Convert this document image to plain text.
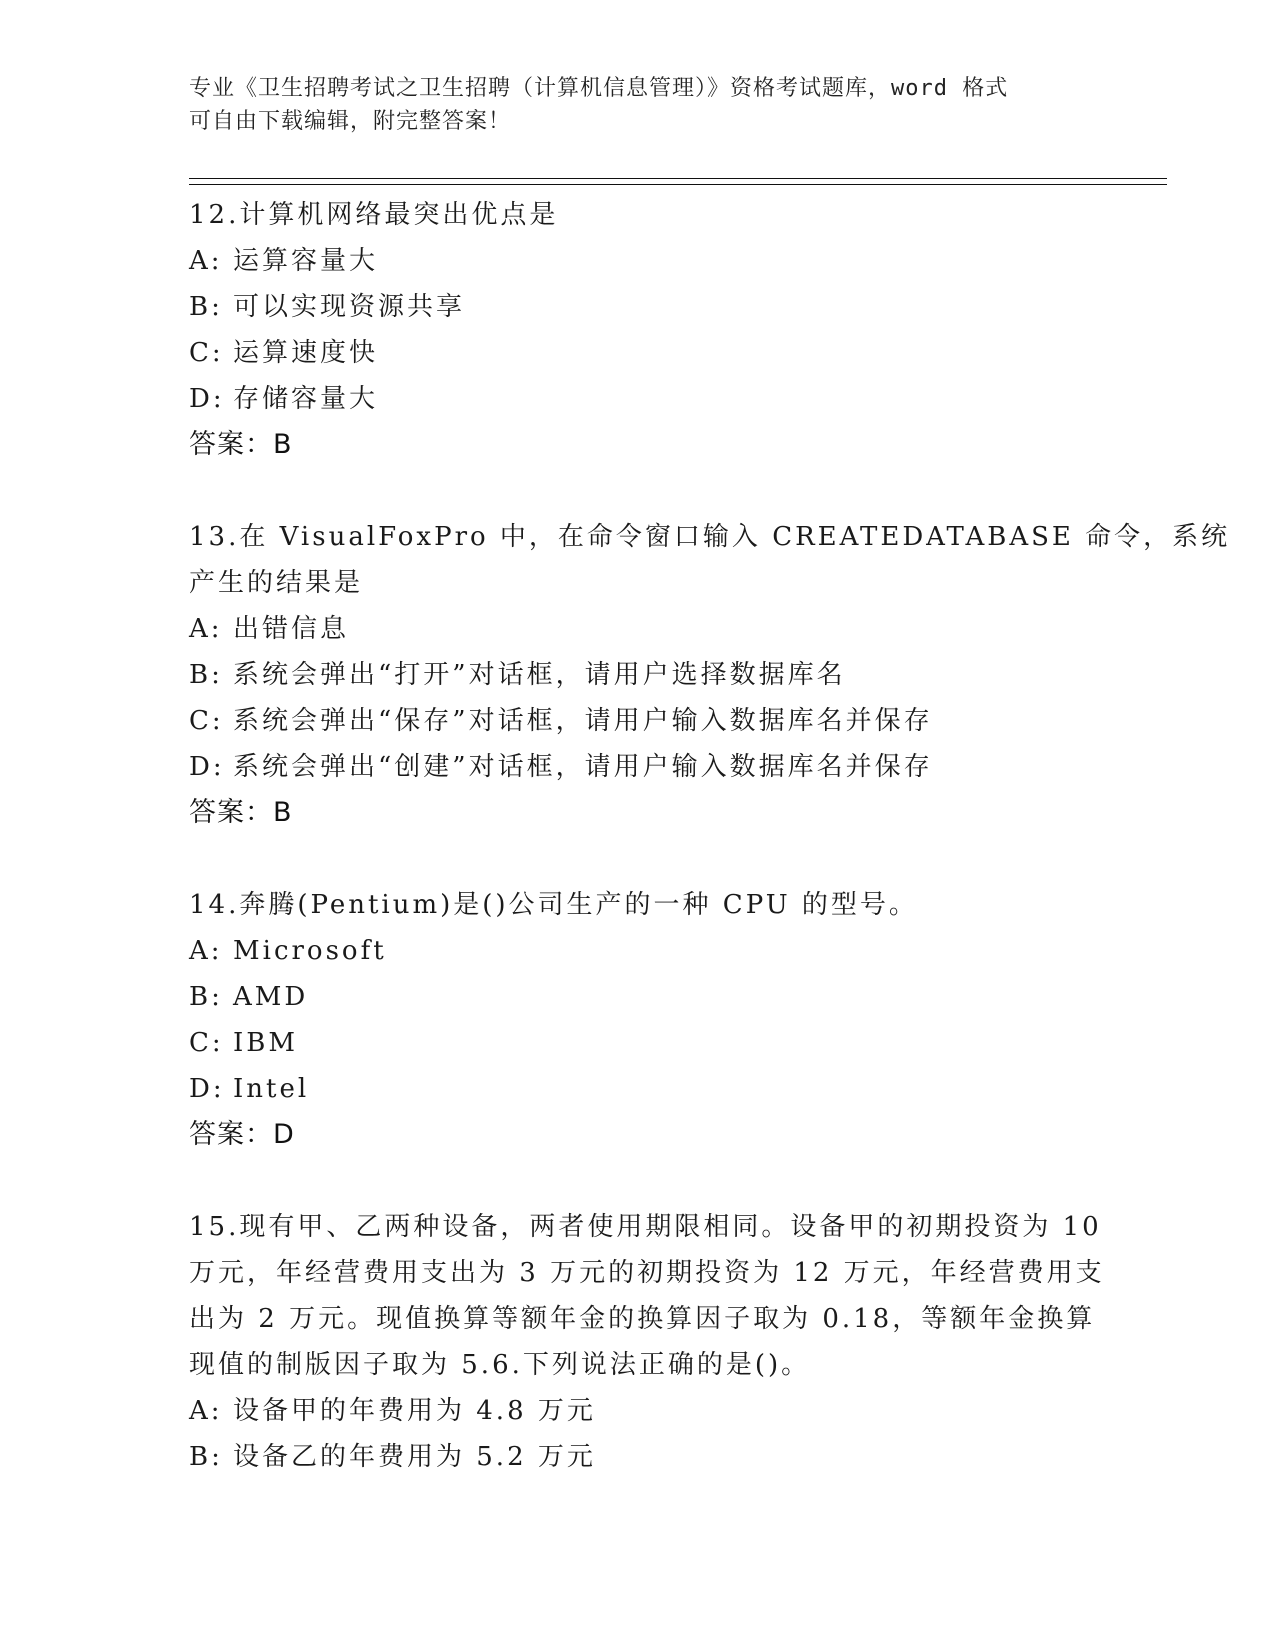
专业《卫生招聘考试之卫生招聘（计算机信息管理）》资格考试题库，word 格式
可自由下载编辑，附完整答案！
12.计算机网络最突出优点是
A: 运算容量大
B: 可以实现资源共享
C: 运算速度快
D: 存储容量大
答案：B
13.在 VisualFoxPro 中，在命令窗口输入 CREATEDATABASE 命令，系统
产生的结果是
A: 出错信息
B: 系统会弹出“打开”对话框，请用户选择数据库名
C: 系统会弹出“保存”对话框，请用户输入数据库名并保存
D: 系统会弹出“创建”对话框，请用户输入数据库名并保存
答案：B
14.奔腾(Pentium)是()公司生产的一种 CPU 的型号。
A: Microsoft
B: AMD
C: IBM
D: Intel
答案：D
15.现有甲、乙两种设备，两者使用期限相同。设备甲的初期投资为 10
万元，年经营费用支出为 3 万元的初期投资为 12 万元，年经营费用支
出为 2 万元。现值换算等额年金的换算因子取为 0.18，等额年金换算
现值的制版因子取为 5.6.下列说法正确的是()。
A: 设备甲的年费用为 4.8 万元
B: 设备乙的年费用为 5.2 万元
